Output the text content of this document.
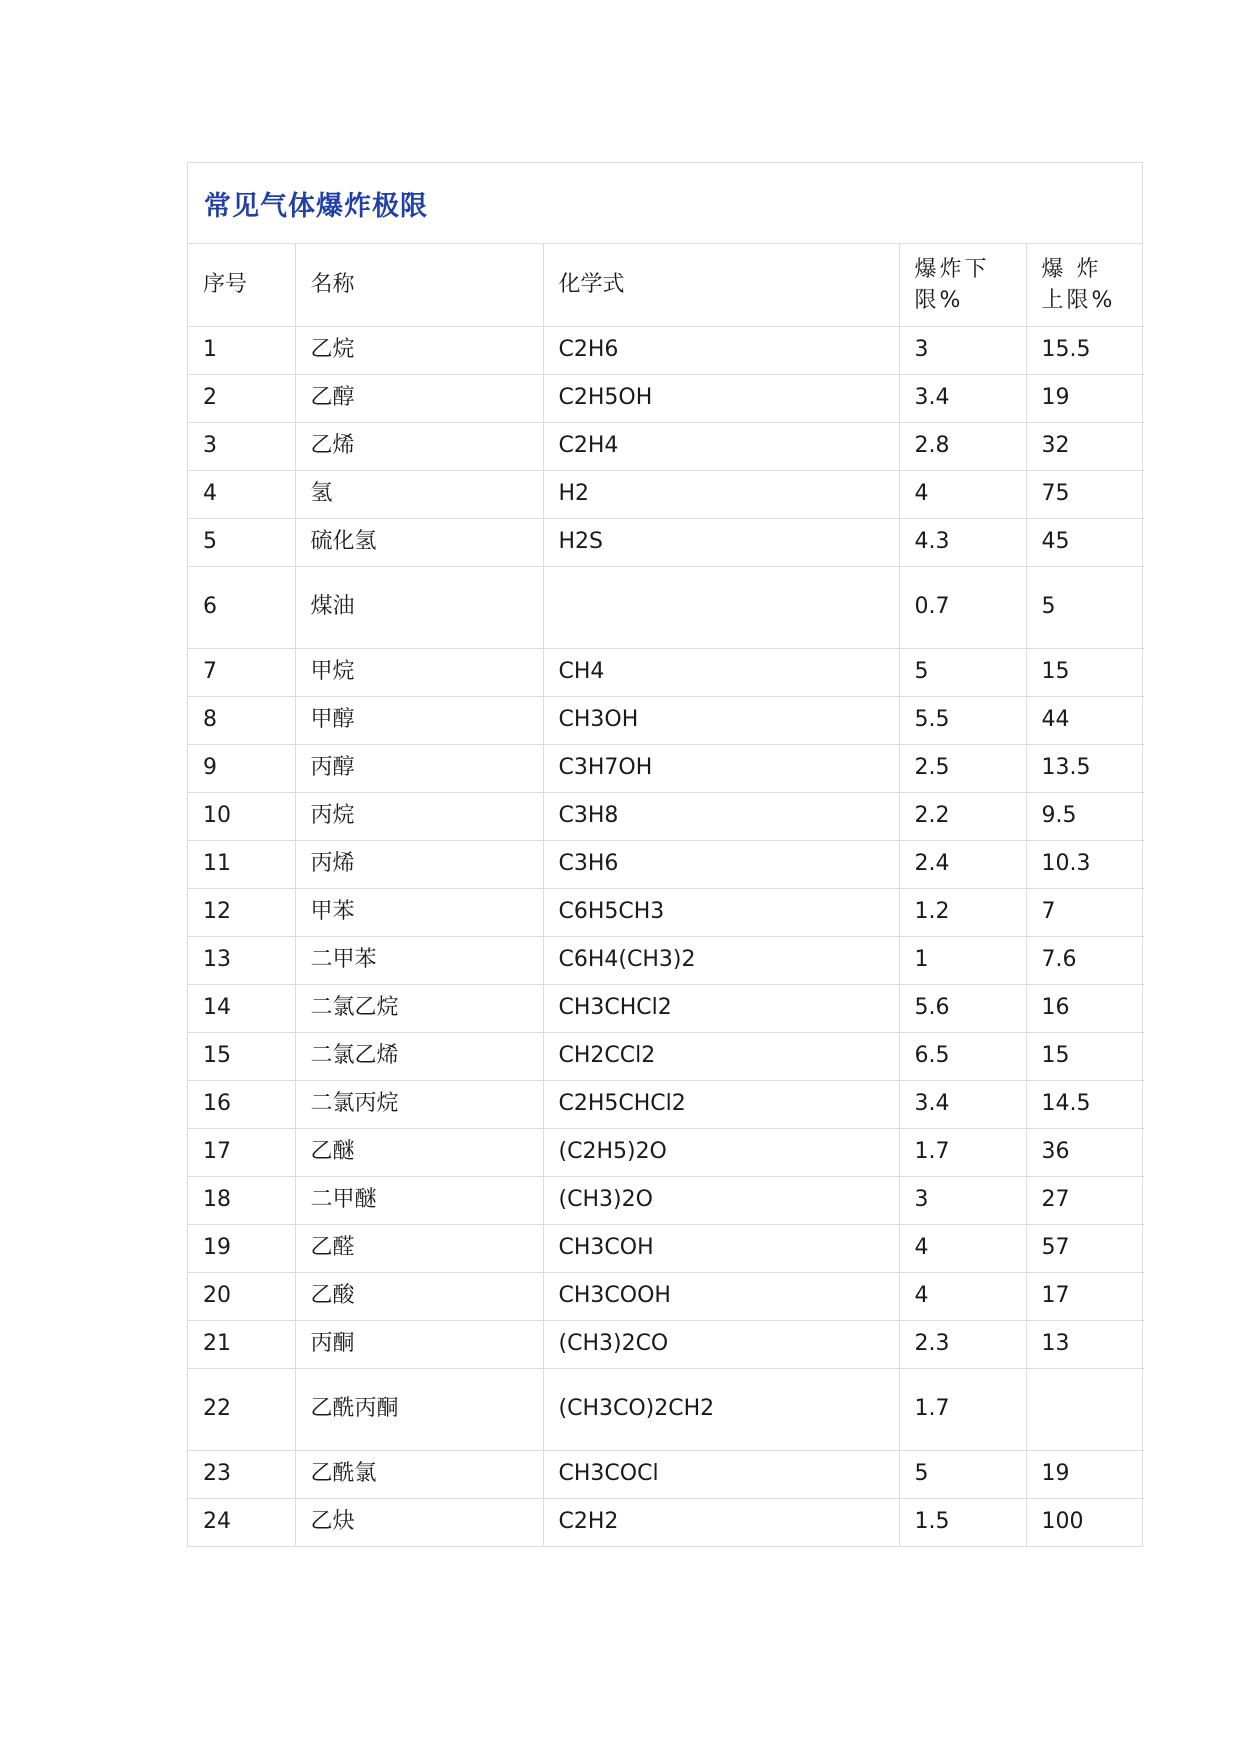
常见气体爆炸极限
序号	名称	化学式	爆炸下限%	爆 炸 上限%

1	乙烷	C2H6	3	15.5
2	乙醇	C2H5OH	3.4	19
3	乙烯	C2H4	2.8	32
4	氢	H2	4	75
5	硫化氢	H2S	4.3	45
6	煤油		0.7	5
7	甲烷	CH4	5	15
8	甲醇	CH3OH	5.5	44
9	丙醇	C3H7OH	2.5	13.5
10	丙烷	C3H8	2.2	9.5
11	丙烯	C3H6	2.4	10.3
12	甲苯	C6H5CH3	1.2	7
13	二甲苯	C6H4(CH3)2	1	7.6
14	二氯乙烷	CH3CHCl2	5.6	16
15	二氯乙烯	CH2CCl2	6.5	15
16	二氯丙烷	C2H5CHCl2	3.4	14.5
17	乙醚	(C2H5)2O	1.7	36
18	二甲醚	(CH3)2O	3	27
19	乙醛	CH3COH	4	57
20	乙酸	CH3COOH	4	17
21	丙酮	(CH3)2CO	2.3	13
22	乙酰丙酮	(CH3CO)2CH2	1.7	
23	乙酰氯	CH3COCl	5	19
24	乙炔	C2H2	1.5	100
